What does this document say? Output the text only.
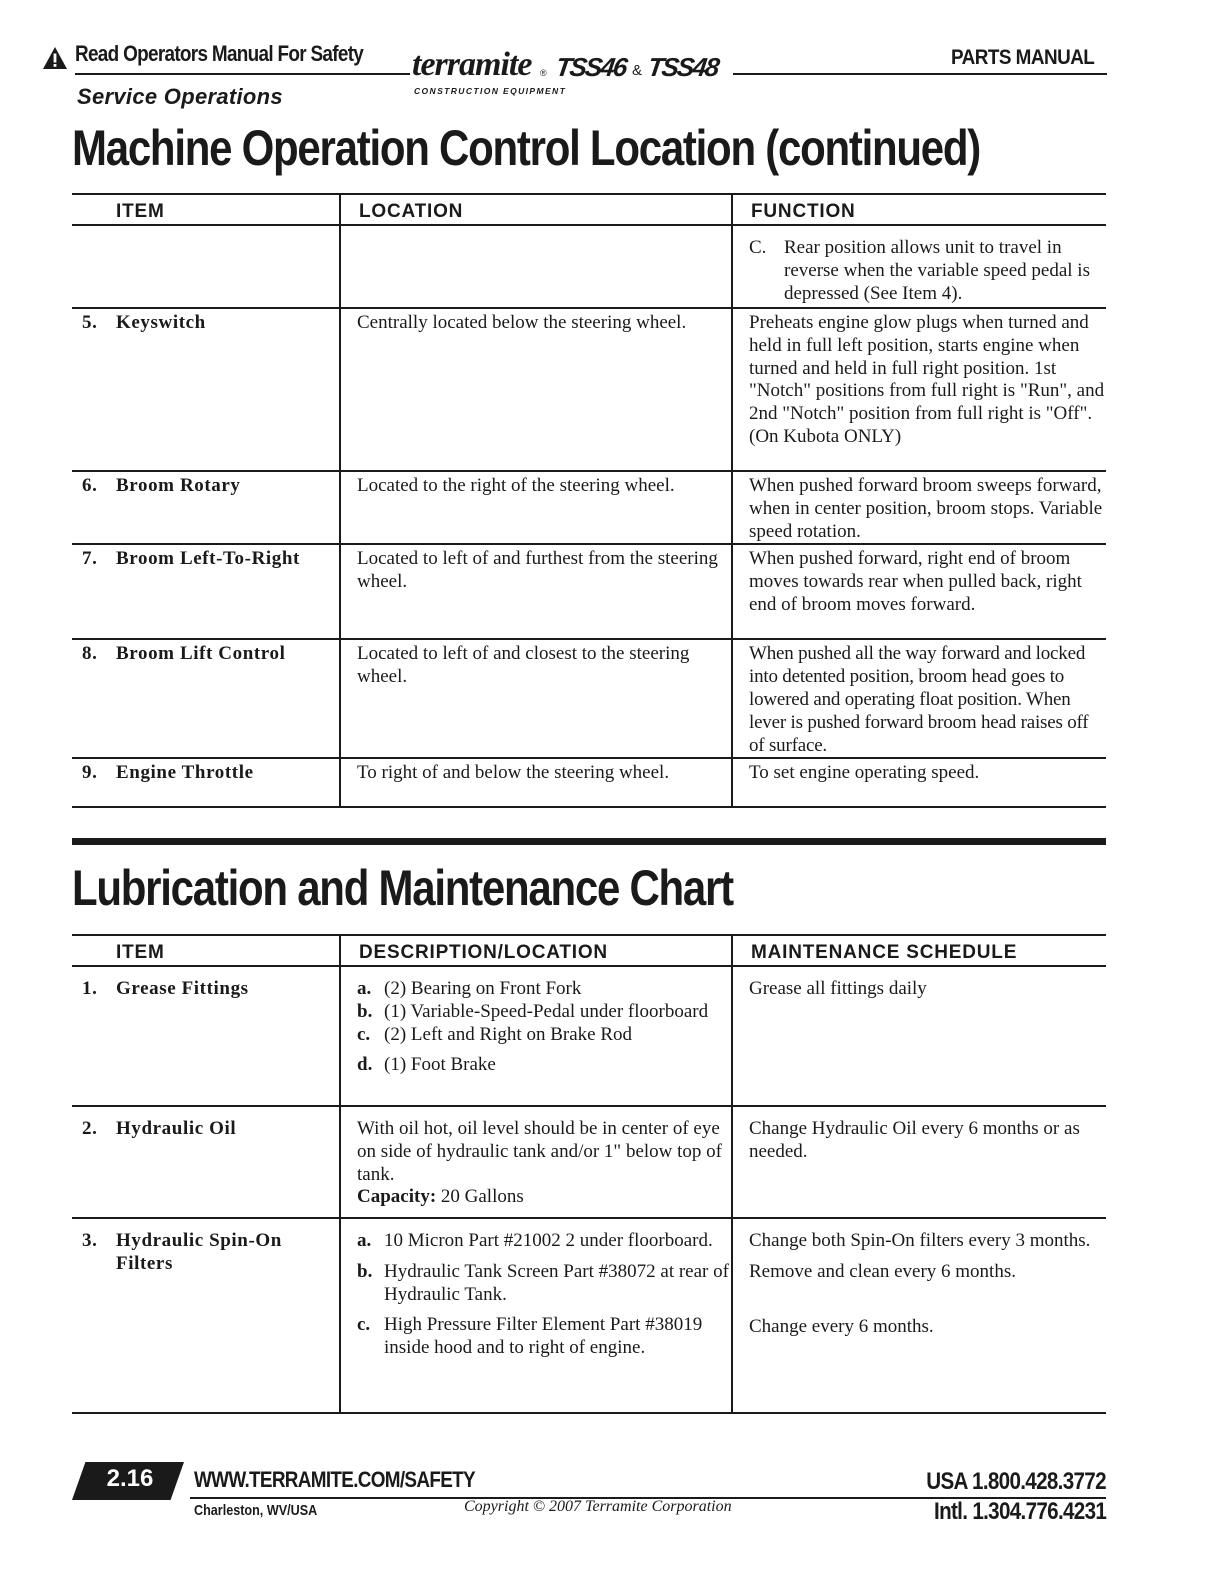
Read Operators Manual For Safety
Service Operations
terramite ®
CONSTRUCTION EQUIPMENT
TSS46 & TSS48	PARTS MANUAL
Machine Operation Control Location (continued)
ITEM	LOCATION	FUNCTION

		C. Rear position allows unit to travel in reverse when the variable speed pedal is depressed (See Item 4).

5. Keyswitch	Centrally located below the steering wheel.	Preheats engine glow plugs when turned and held in full left position, starts engine when turned and held in full right position. 1st "Notch" positions from full right is "Run", and 2nd "Notch" position from full right is "Off". (On Kubota ONLY)
6. Broom Rotary	Located to the right of the steering wheel.	When pushed forward broom sweeps forward, when in center position, broom stops. Variable speed rotation.
7. Broom Left-To-Right	Located to left of and furthest from the steering wheel.	When pushed forward, right end of broom moves towards rear when pulled back, right end of broom moves forward.
8. Broom Lift Control	Located to left of and closest to the steering wheel.	When pushed all the way forward and locked into detented position, broom head goes to lowered and operating float position. When lever is pushed forward broom head raises off of surface.
9. Engine Throttle	To right of and below the steering wheel.	To set engine operating speed.
Lubrication and Maintenance Chart
ITEM	DESCRIPTION/LOCATION	MAINTENANCE SCHEDULE
1. Grease Fittings	a. (2) Bearing on Front Fork
b. (1) Variable-Speed-Pedal under floorboard
c. (2) Left and Right on Brake Rod
d. (1) Foot Brake	Grease all fittings daily
2. Hydraulic Oil	With oil hot, oil level should be in center of eye on side of hydraulic tank and/or 1" below top of tank.
Capacity: 20 Gallons	Change Hydraulic Oil every 6 months or as needed.
3. Hydraulic Spin-On
Filters	a. 10 Micron Part #21002 2 under floorboard.
b. Hydraulic Tank Screen Part #38072 at rear of Hydraulic Tank.
c. High Pressure Filter Element Part #38019 inside hood and to right of engine.	Change both Spin-On filters every 3 months.
Remove and clean every 6 months.
Change every 6 months.
2.16	WWW.TERRAMITE.COM/SAFETY
Charleston, WV/USA	Copyright © 2007 Terramite Corporation
USA 1.800.428.3772
Intl. 1.304.776.4231
